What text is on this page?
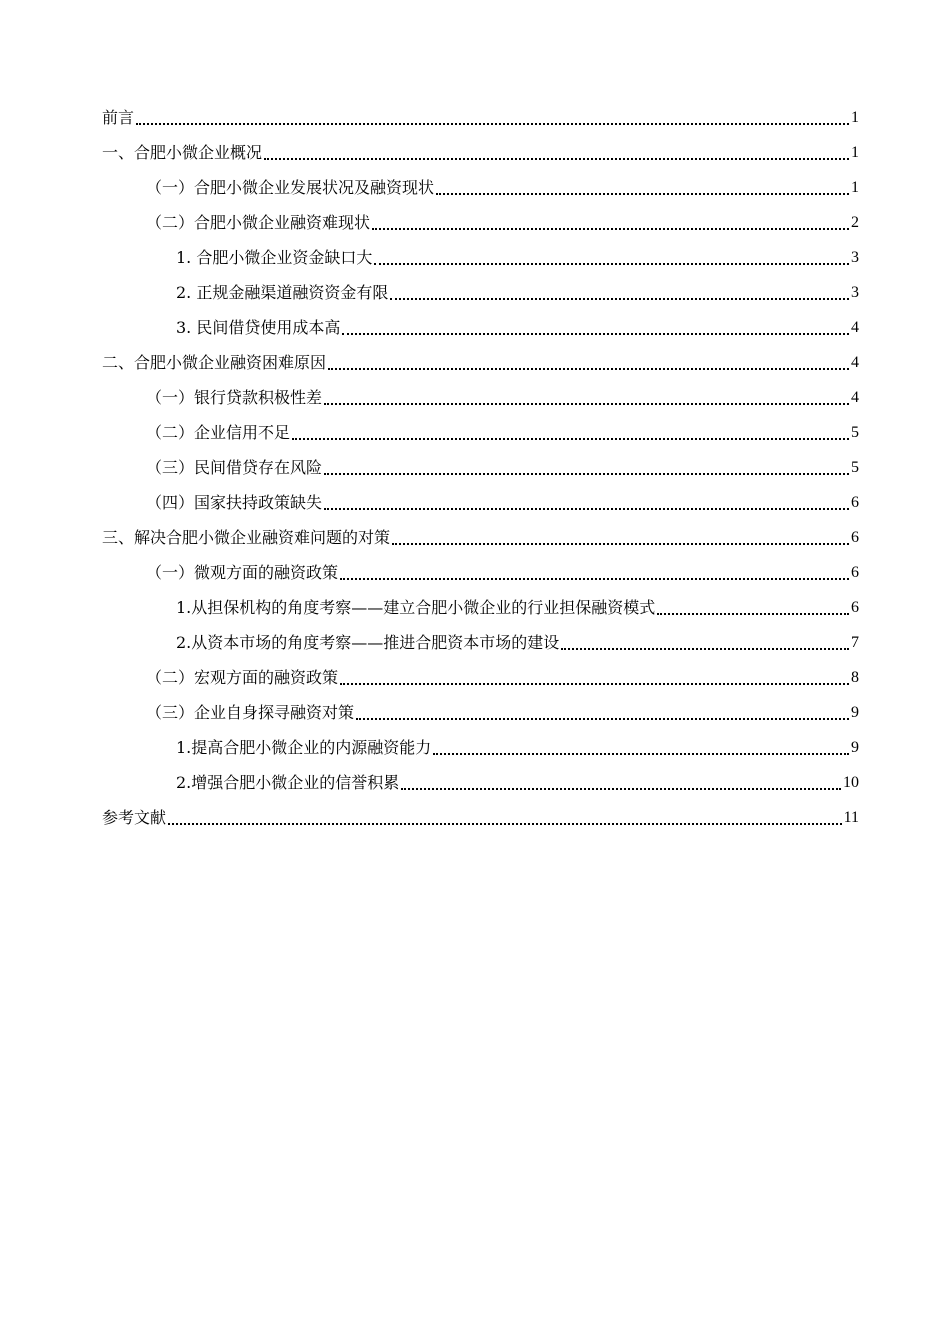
前言	1
一、合肥小微企业概况	1
（一）合肥小微企业发展状况及融资现状	1
（二）合肥小微企业融资难现状	2
1. 合肥小微企业资金缺口大	3
2. 正规金融渠道融资资金有限	3
3. 民间借贷使用成本高	4
二、合肥小微企业融资困难原因	4
（一）银行贷款积极性差	4
（二）企业信用不足	5
（三）民间借贷存在风险	5
（四）国家扶持政策缺失	6
三、解决合肥小微企业融资难问题的对策	6
（一）微观方面的融资政策	6
1.从担保机构的角度考察——建立合肥小微企业的行业担保融资模式	6
2.从资本市场的角度考察——推进合肥资本市场的建设	7
（二）宏观方面的融资政策	8
（三）企业自身探寻融资对策	9
1.提高合肥小微企业的内源融资能力	9
2.增强合肥小微企业的信誉积累	10
参考文献	11
